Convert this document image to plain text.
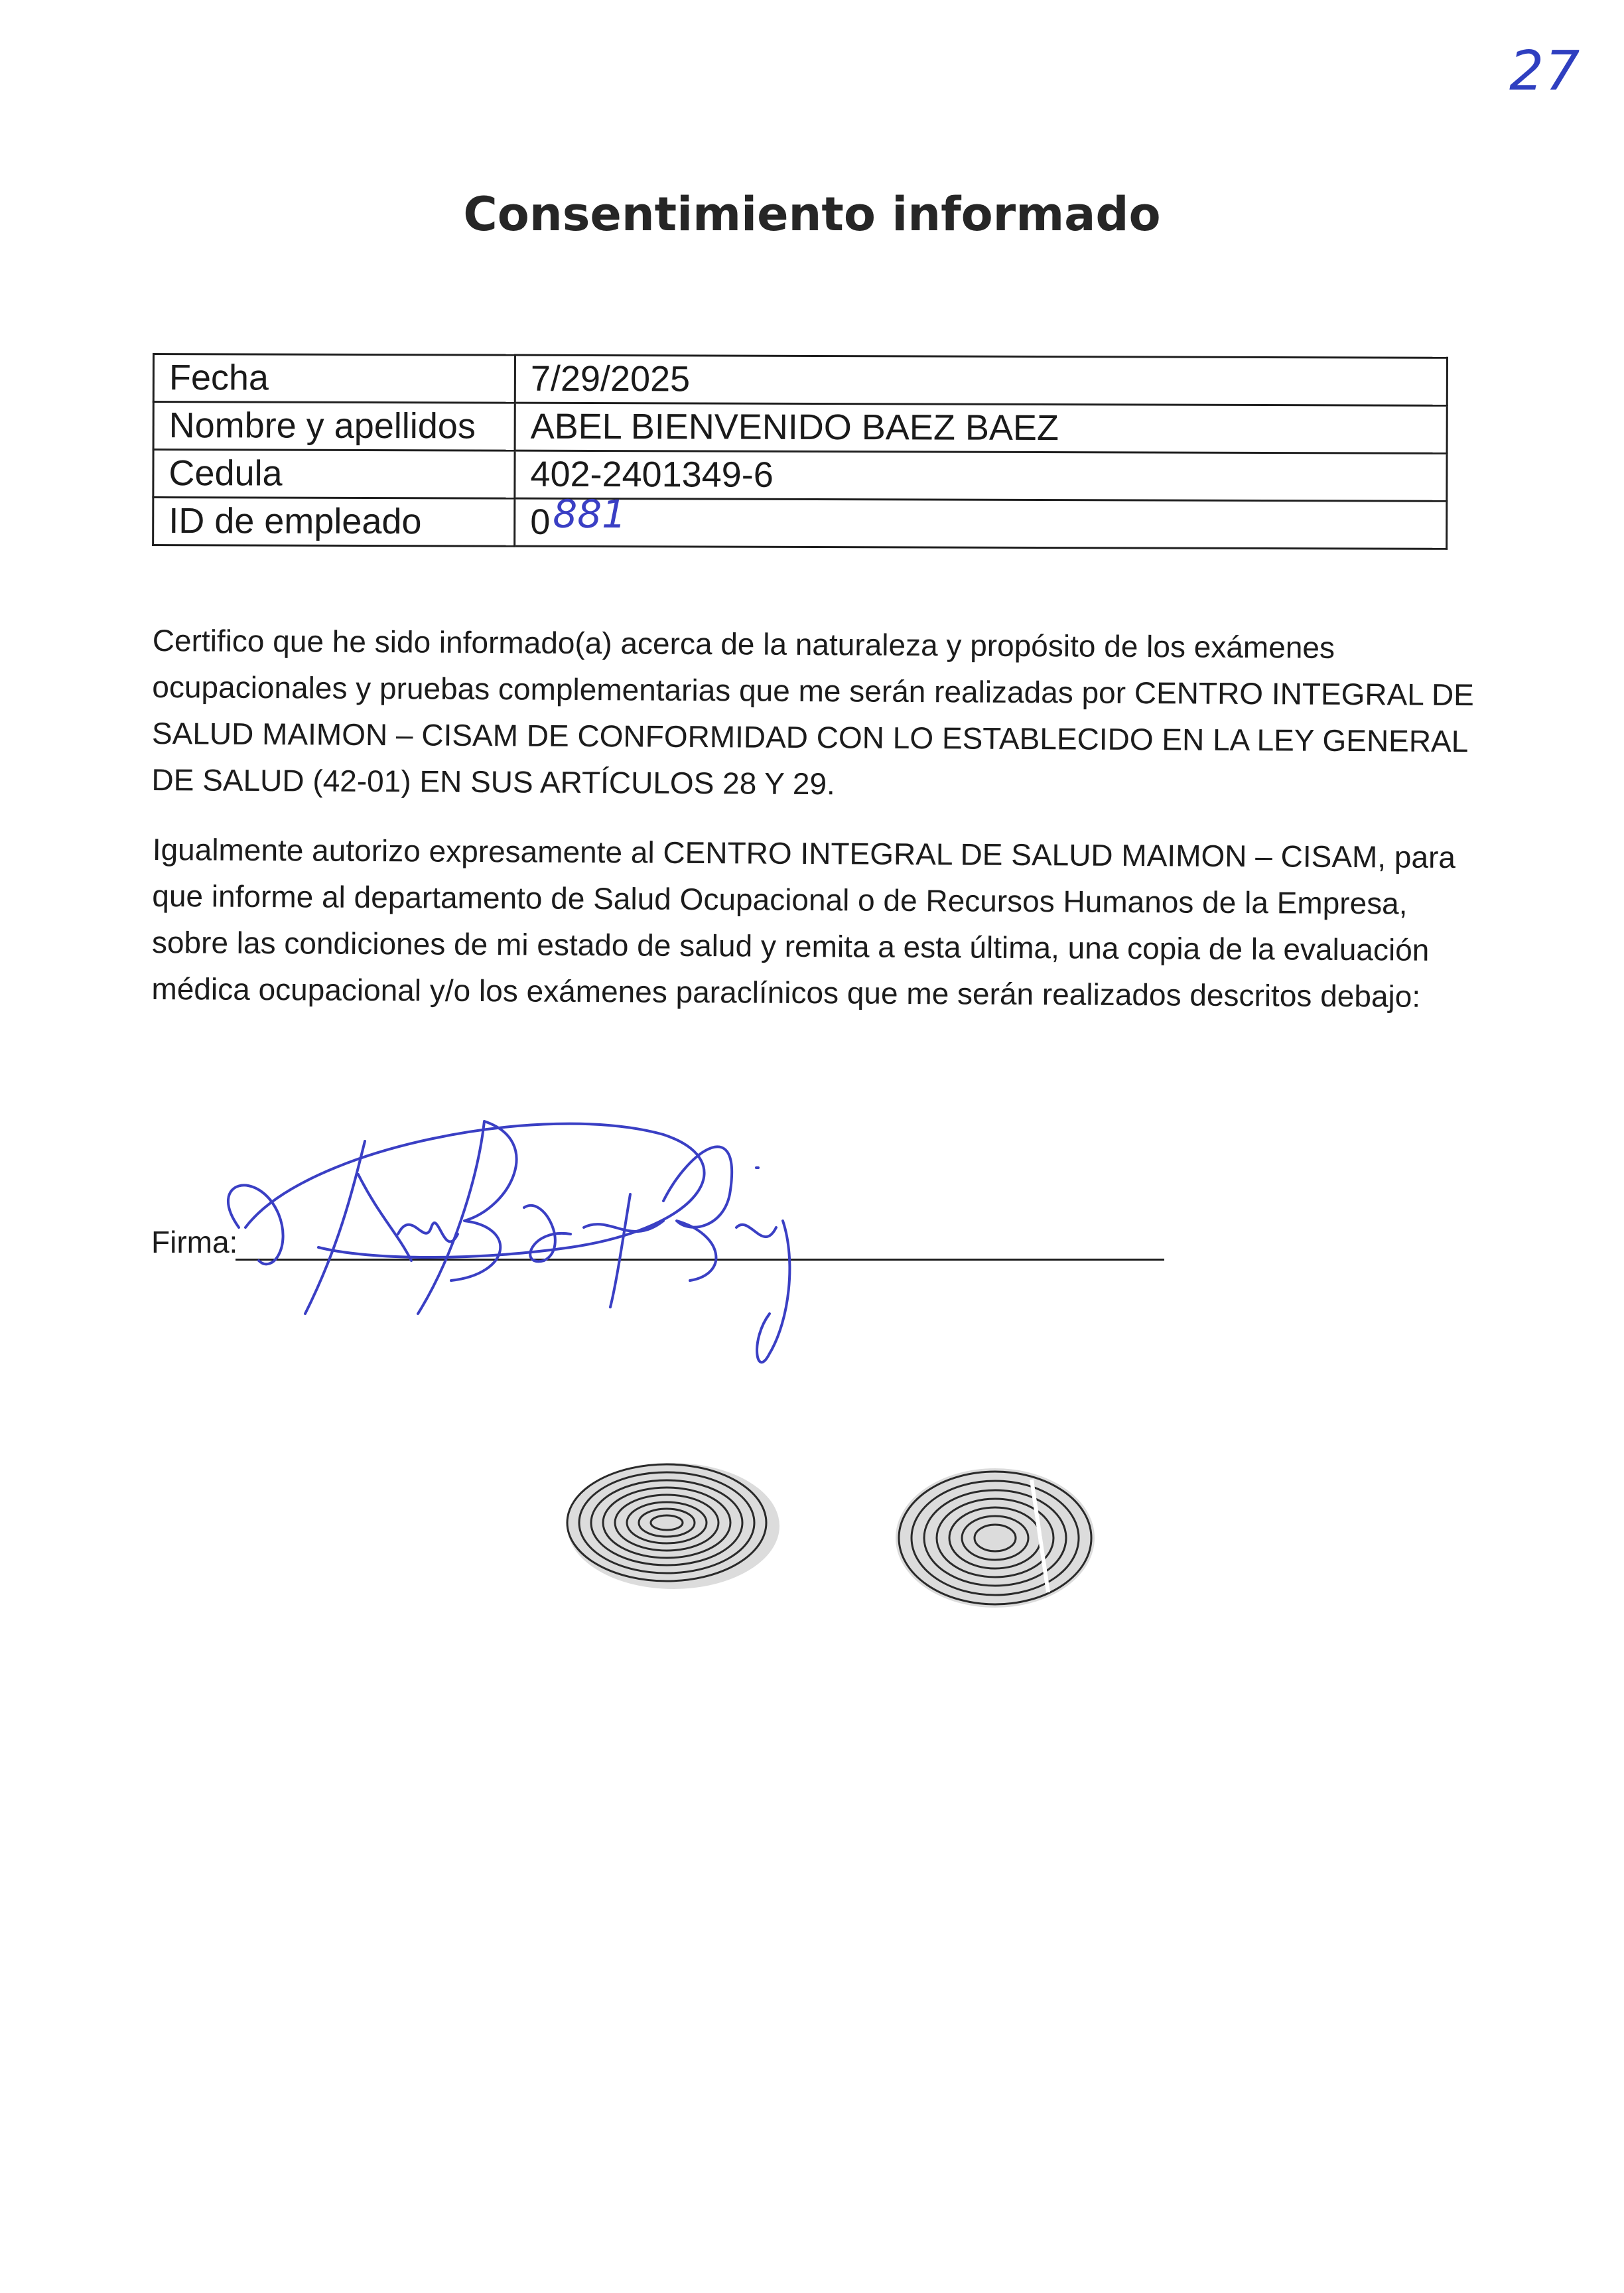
27
Consentimiento informado
Fecha	7/29/2025
Nombre y apellidos	ABEL BIENVENIDO BAEZ BAEZ
Cedula	402-2401349-6
ID de empleado	0 881
Certifico que he sido informado(a) acerca de la naturaleza y propósito de los exámenes ocupacionales y pruebas complementarias que me serán realizadas por CENTRO INTEGRAL DE SALUD MAIMON – CISAM DE CONFORMIDAD CON LO ESTABLECIDO EN LA LEY GENERAL DE SALUD (42-01) EN SUS ARTÍCULOS 28 Y 29.
Igualmente autorizo expresamente al CENTRO INTEGRAL DE SALUD MAIMON – CISAM, para que informe al departamento de Salud Ocupacional o de Recursos Humanos de la Empresa, sobre las condiciones de mi estado de salud y remita a esta última, una copia de la evaluación médica ocupacional y/o los exámenes paraclínicos que me serán realizados descritos debajo:
Firma:
